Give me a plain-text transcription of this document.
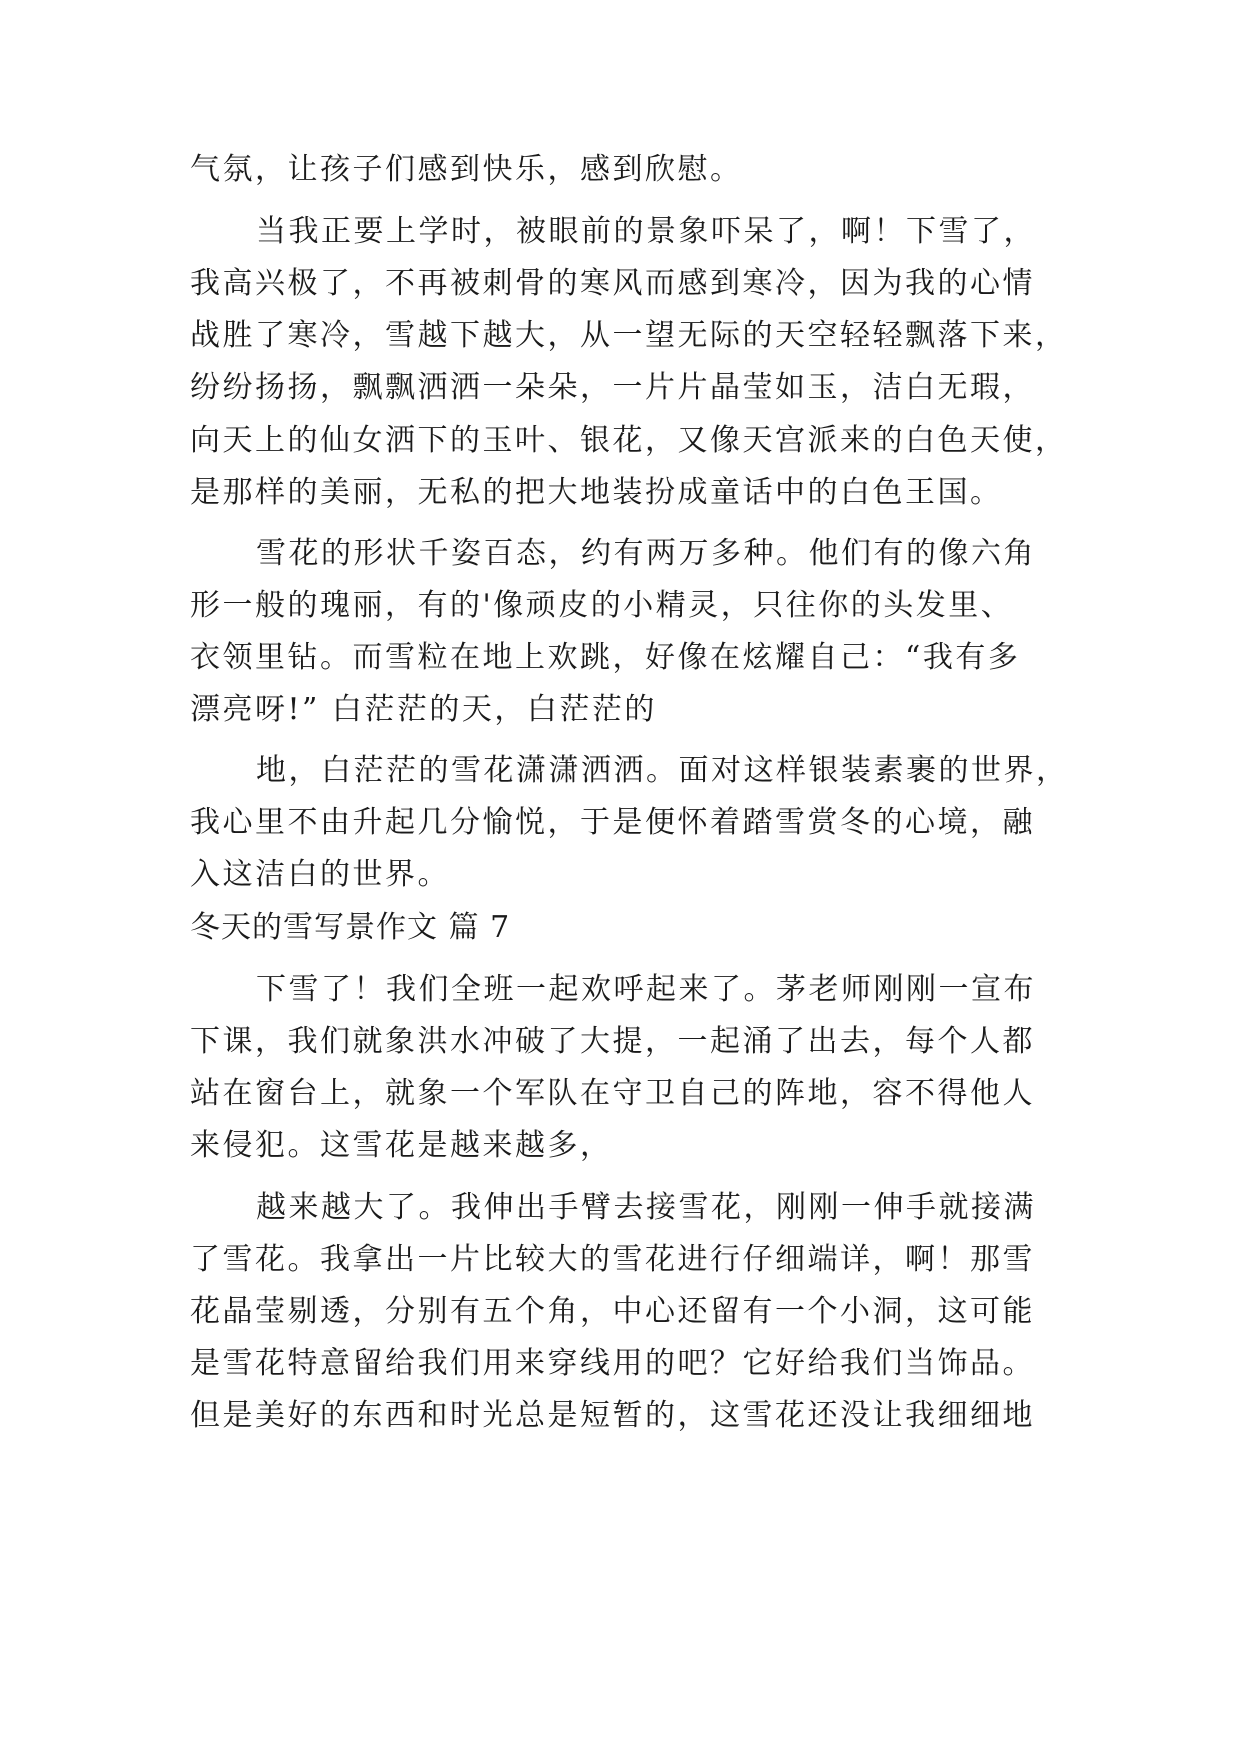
气氛，让孩子们感到快乐，感到欣慰。
当我正要上学时，被眼前的景象吓呆了，啊！下雪了，
我高兴极了，不再被刺骨的寒风而感到寒冷，因为我的心情
战胜了寒冷，雪越下越大，从一望无际的天空轻轻飘落下来，
纷纷扬扬，飘飘洒洒一朵朵，一片片晶莹如玉，洁白无瑕，
向天上的仙女洒下的玉叶、银花，又像天宫派来的白色天使，
是那样的美丽，无私的把大地装扮成童话中的白色王国。
雪花的形状千姿百态，约有两万多种。他们有的像六角
形一般的瑰丽，有的'像顽皮的小精灵，只往你的头发里、
衣领里钻。而雪粒在地上欢跳，好像在炫耀自己：“我有多
漂亮呀!” 白茫茫的天，白茫茫的
地，白茫茫的雪花潇潇洒洒。面对这样银装素裹的世界，
我心里不由升起几分愉悦，于是便怀着踏雪赏冬的心境，融
入这洁白的世界。
冬天的雪写景作文 篇 7
下雪了！我们全班一起欢呼起来了。茅老师刚刚一宣布
下课，我们就象洪水冲破了大提，一起涌了出去，每个人都
站在窗台上，就象一个军队在守卫自己的阵地，容不得他人
来侵犯。这雪花是越来越多，
越来越大了。我伸出手臂去接雪花，刚刚一伸手就接满
了雪花。我拿出一片比较大的雪花进行仔细端详，啊！那雪
花晶莹剔透，分别有五个角，中心还留有一个小洞，这可能
是雪花特意留给我们用来穿线用的吧？它好给我们当饰品。
但是美好的东西和时光总是短暂的，这雪花还没让我细细地
